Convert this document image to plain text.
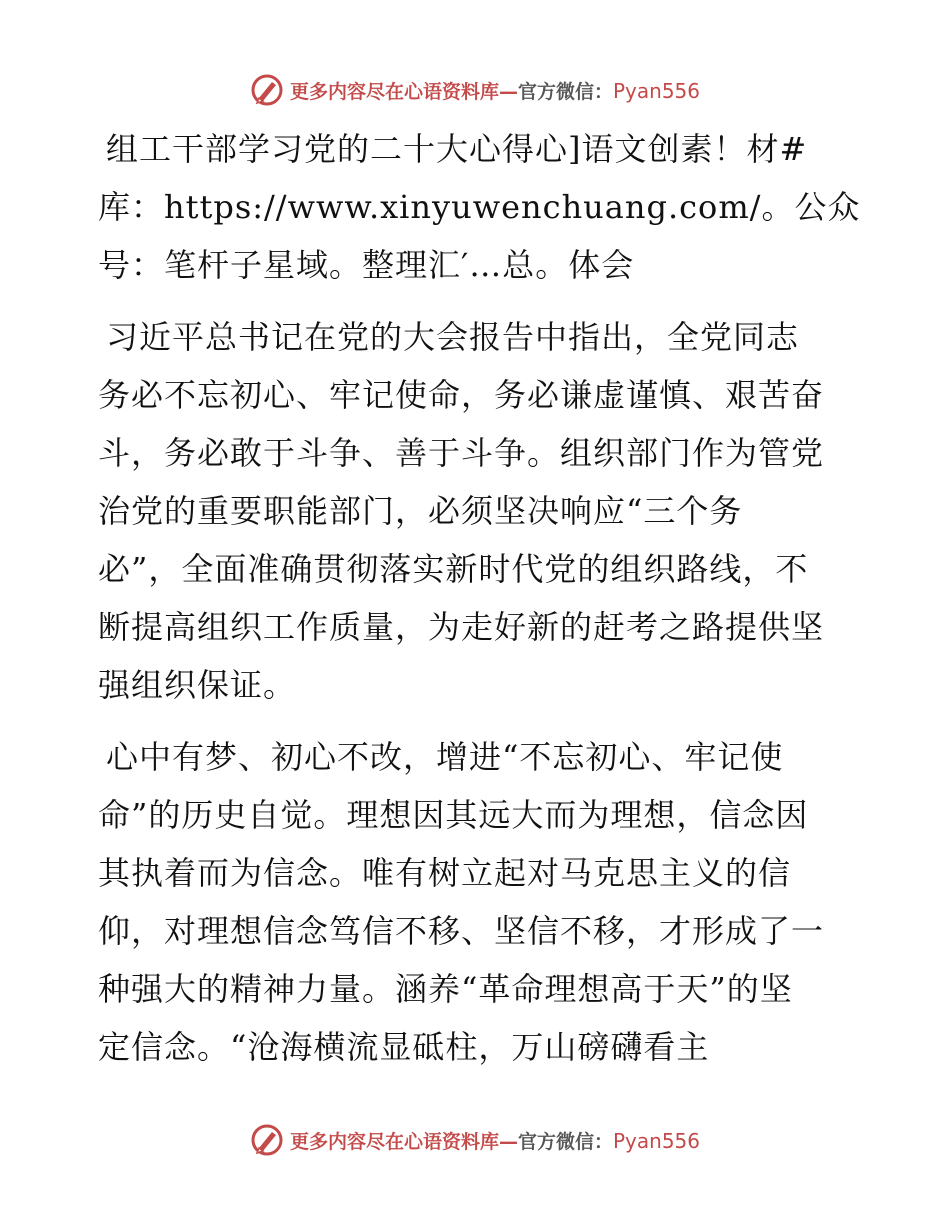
更多内容尽在心语资料库—官方微信：Pyan556

组工干部学习党的二十大心得心]语文创素！材#
库：https://www.xinyuwenchuang.com/。公众
号：笔杆子星域。整理汇′…总。体会

习近平总书记在党的大会报告中指出，全党同志
务必不忘初心、牢记使命，务必谦虚谨慎、艰苦奋
斗，务必敢于斗争、善于斗争。组织部门作为管党
治党的重要职能部门，必须坚决响应“三个务
必”，全面准确贯彻落实新时代党的组织路线，不
断提高组织工作质量，为走好新的赶考之路提供坚
强组织保证。

心中有梦、初心不改，增进“不忘初心、牢记使
命”的历史自觉。理想因其远大而为理想，信念因
其执着而为信念。唯有树立起对马克思主义的信
仰，对理想信念笃信不移、坚信不移，才形成了一
种强大的精神力量。涵养“革命理想高于天”的坚
定信念。“沧海横流显砥柱，万山磅礴看主

更多内容尽在心语资料库—官方微信：Pyan556
